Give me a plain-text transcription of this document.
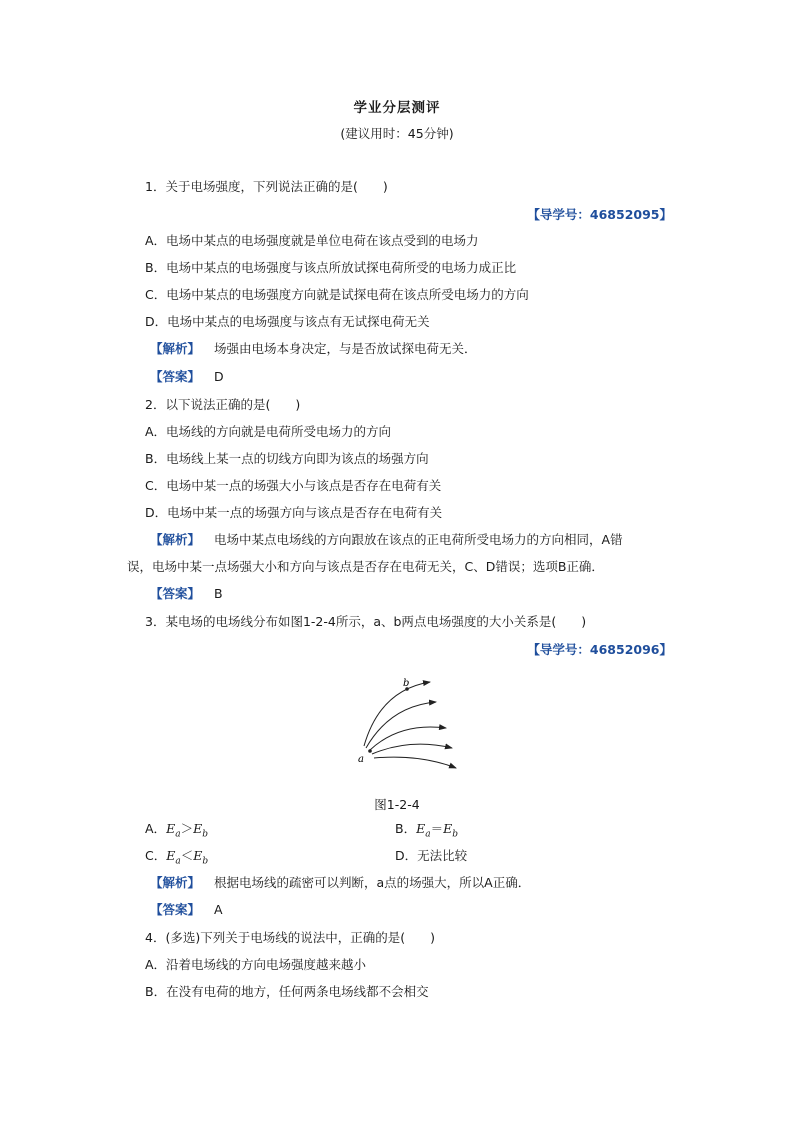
学业分层测评
(建议用时：45分钟)
1．关于电场强度，下列说法正确的是(　　)
【导学号：46852095】
A．电场中某点的电场强度就是单位电荷在该点受到的电场力
B．电场中某点的电场强度与该点所放试探电荷所受的电场力成正比
C．电场中某点的电场强度方向就是试探电荷在该点所受电场力的方向
D．电场中某点的电场强度与该点有无试探电荷无关
【解析】 场强由电场本身决定，与是否放试探电荷无关．
【答案】 D
2．以下说法正确的是(　　)
A．电场线的方向就是电荷所受电场力的方向
B．电场线上某一点的切线方向即为该点的场强方向
C．电场中某一点的场强大小与该点是否存在电荷有关
D．电场中某一点的场强方向与该点是否存在电荷有关
【解析】 电场中某点电场线的方向跟放在该点的正电荷所受电场力的方向相同，A错
误，电场中某一点场强大小和方向与该点是否存在电荷无关，C、D错误；选项B正确．
【答案】 B
3．某电场的电场线分布如图1-2-4所示，a、b两点电场强度的大小关系是(　　)
【导学号：46852096】
b
a
图1-2-4
A．$E_a>E_b$	B．$E_a=E_b$
C．$E_a<E_b$	D．无法比较
【解析】 根据电场线的疏密可以判断，a点的场强大，所以A正确．
【答案】 A
4．(多选)下列关于电场线的说法中，正确的是(　　)
A．沿着电场线的方向电场强度越来越小
B．在没有电荷的地方，任何两条电场线都不会相交
